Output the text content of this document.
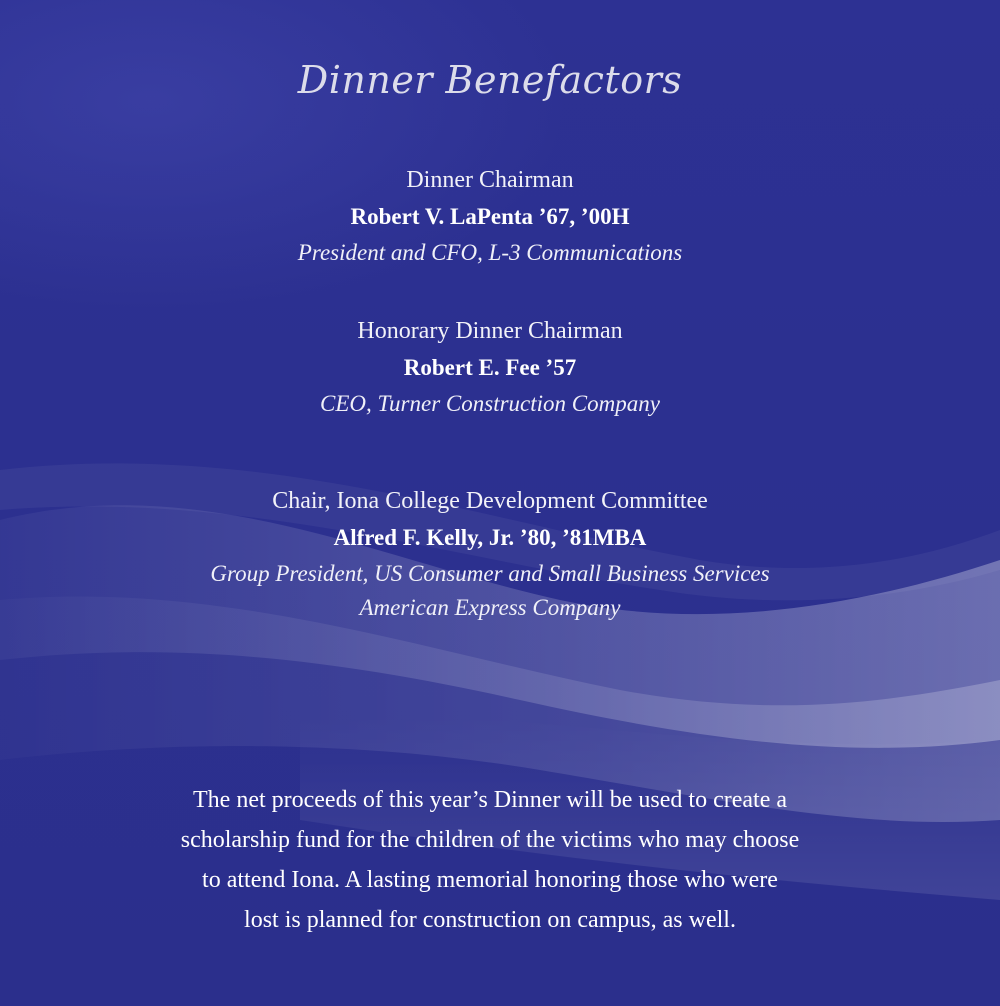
Dinner Benefactors
Dinner Chairman
Robert V. LaPenta ’67, ’00H
President and CFO, L-3 Communications
Honorary Dinner Chairman
Robert E. Fee ’57
CEO, Turner Construction Company
Chair, Iona College Development Committee
Alfred F. Kelly, Jr. ’80, ’81MBA
Group President, US Consumer and Small Business Services
American Express Company

The net proceeds of this year’s Dinner will be used to create a

scholarship fund for the children of the victims who may choose

to attend Iona. A lasting memorial honoring those who were

lost is planned for construction on campus, as well.
